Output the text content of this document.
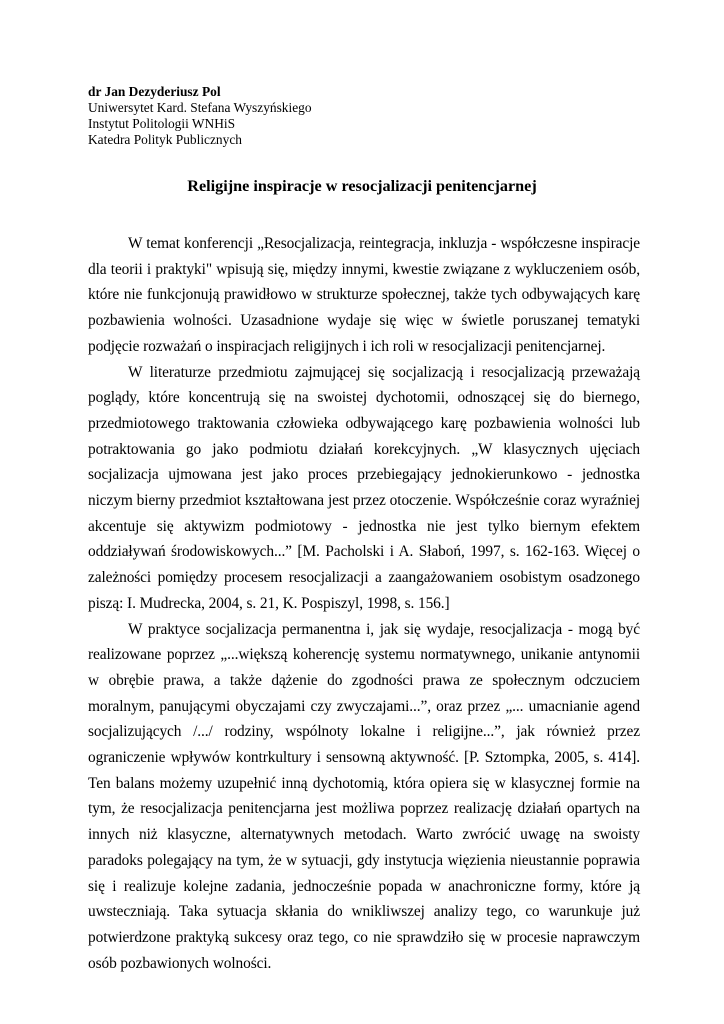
dr Jan Dezyderiusz Pol
Uniwersytet Kard. Stefana Wyszyńskiego
Instytut Politologii WNHiS
Katedra Polityk Publicznych
Religijne inspiracje w resocjalizacji penitencjarnej

W temat konferencji „Resocjalizacja, reintegracja, inkluzja - współczesne inspiracje dla teorii i praktyki" wpisują się, między innymi, kwestie związane z wykluczeniem osób, które nie funkcjonują prawidłowo w strukturze społecznej, także tych odbywających karę pozbawienia wolności. Uzasadnione wydaje się więc w świetle poruszanej tematyki podjęcie rozważań o inspiracjach religijnych i ich roli w resocjalizacji penitencjarnej.

W literaturze przedmiotu zajmującej się socjalizacją i resocjalizacją przeważają poglądy, które koncentrują się na swoistej dychotomii, odnoszącej się do biernego, przedmiotowego traktowania człowieka odbywającego karę pozbawienia wolności lub potraktowania go jako podmiotu działań korekcyjnych. „W klasycznych ujęciach socjalizacja ujmowana jest jako proces przebiegający jednokierunkowo - jednostka niczym bierny przedmiot kształtowana jest przez otoczenie. Współcześnie coraz wyraźniej akcentuje się aktywizm podmiotowy - jednostka nie jest tylko biernym efektem oddziaływań środowiskowych...” [M. Pacholski i A. Słaboń, 1997, s. 162-163. Więcej o zależności pomiędzy procesem resocjalizacji a zaangażowaniem osobistym osadzonego piszą: I. Mudrecka, 2004, s. 21, K. Pospiszyl, 1998, s. 156.]

W praktyce socjalizacja permanentna i, jak się wydaje, resocjalizacja - mogą być realizowane poprzez „...większą koherencję systemu normatywnego, unikanie antynomii w obrębie prawa, a także dążenie do zgodności prawa ze społecznym odczuciem moralnym, panującymi obyczajami czy zwyczajami...”, oraz przez „... umacnianie agend socjalizujących /.../ rodziny, wspólnoty lokalne i religijne...”, jak również przez ograniczenie wpływów kontrkultury i sensowną aktywność. [P. Sztompka, 2005, s. 414]. Ten balans możemy uzupełnić inną dychotomią, która opiera się w klasycznej formie na tym, że resocjalizacja penitencjarna jest możliwa poprzez realizację działań opartych na innych niż klasyczne, alternatywnych metodach. Warto zwrócić uwagę na swoisty paradoks polegający na tym, że w sytuacji, gdy instytucja więzienia nieustannie poprawia się i realizuje kolejne zadania, jednocześnie popada w anachroniczne formy, które ją uwsteczniają. Taka sytuacja skłania do wnikliwszej analizy tego, co warunkuje już potwierdzone praktyką sukcesy oraz tego, co nie sprawdziło się w procesie naprawczym osób pozbawionych wolności.
